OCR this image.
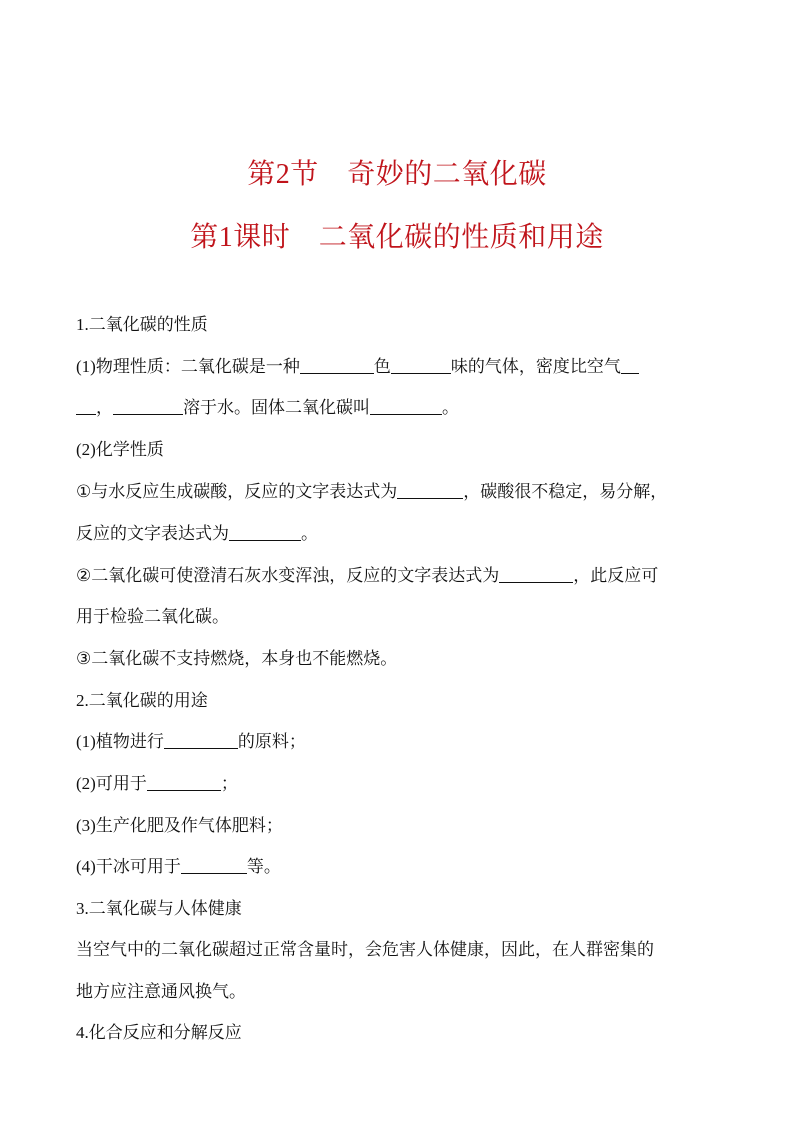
第2节　奇妙的二氧化碳
第1课时　二氧化碳的性质和用途
1.二氧化碳的性质
(1)物理性质：二氧化碳是一种	色	味的气体，密度比空气
，	溶于水。固体二氧化碳叫	。
(2)化学性质
①与水反应生成碳酸，反应的文字表达式为	，碳酸很不稳定，易分解，
反应的文字表达式为	。
②二氧化碳可使澄清石灰水变浑浊，反应的文字表达式为	，此反应可
用于检验二氧化碳。
③二氧化碳不支持燃烧，本身也不能燃烧。
2.二氧化碳的用途
(1)植物进行	的原料；
(2)可用于	；
(3)生产化肥及作气体肥料；
(4)干冰可用于	等。
3.二氧化碳与人体健康
当空气中的二氧化碳超过正常含量时，会危害人体健康，因此，在人群密集的
地方应注意通风换气。
4.化合反应和分解反应
